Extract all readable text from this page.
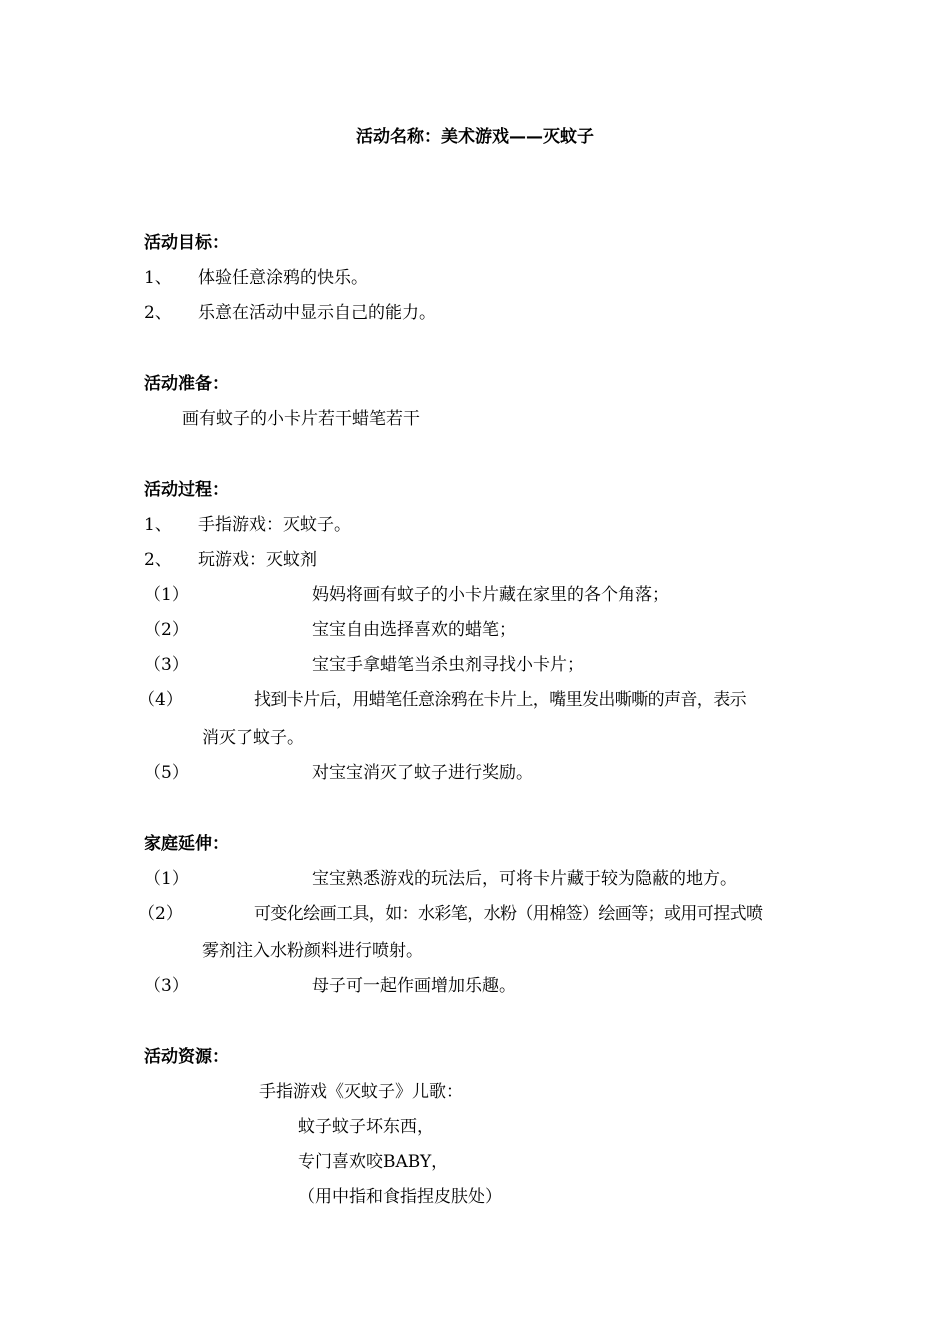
活动名称：美术游戏——灭蚊子
活动目标：
1、 体验任意涂鸦的快乐。
2、 乐意在活动中显示自己的能力。
活动准备：
画有蚊子的小卡片若干蜡笔若干
活动过程：
1、 手指游戏：灭蚊子。
2、 玩游戏：灭蚊剂
（1）	妈妈将画有蚊子的小卡片藏在家里的各个角落；
（2）	宝宝自由选择喜欢的蜡笔；
（3）	宝宝手拿蜡笔当杀虫剂寻找小卡片；
（4）	找到卡片后，用蜡笔任意涂鸦在卡片上，嘴里发出嘶嘶的声音，表示
消灭了蚊子。
（5）	对宝宝消灭了蚊子进行奖励。
家庭延伸：
（1）	宝宝熟悉游戏的玩法后，可将卡片藏于较为隐蔽的地方。
（2）	可变化绘画工具，如：水彩笔，水粉（用棉签）绘画等；或用可捏式喷
雾剂注入水粉颜料进行喷射。
（3）	母子可一起作画增加乐趣。
活动资源：
手指游戏《灭蚊子》儿歌：
蚊子蚊子坏东西，
专门喜欢咬BABY，
（用中指和食指捏皮肤处）
